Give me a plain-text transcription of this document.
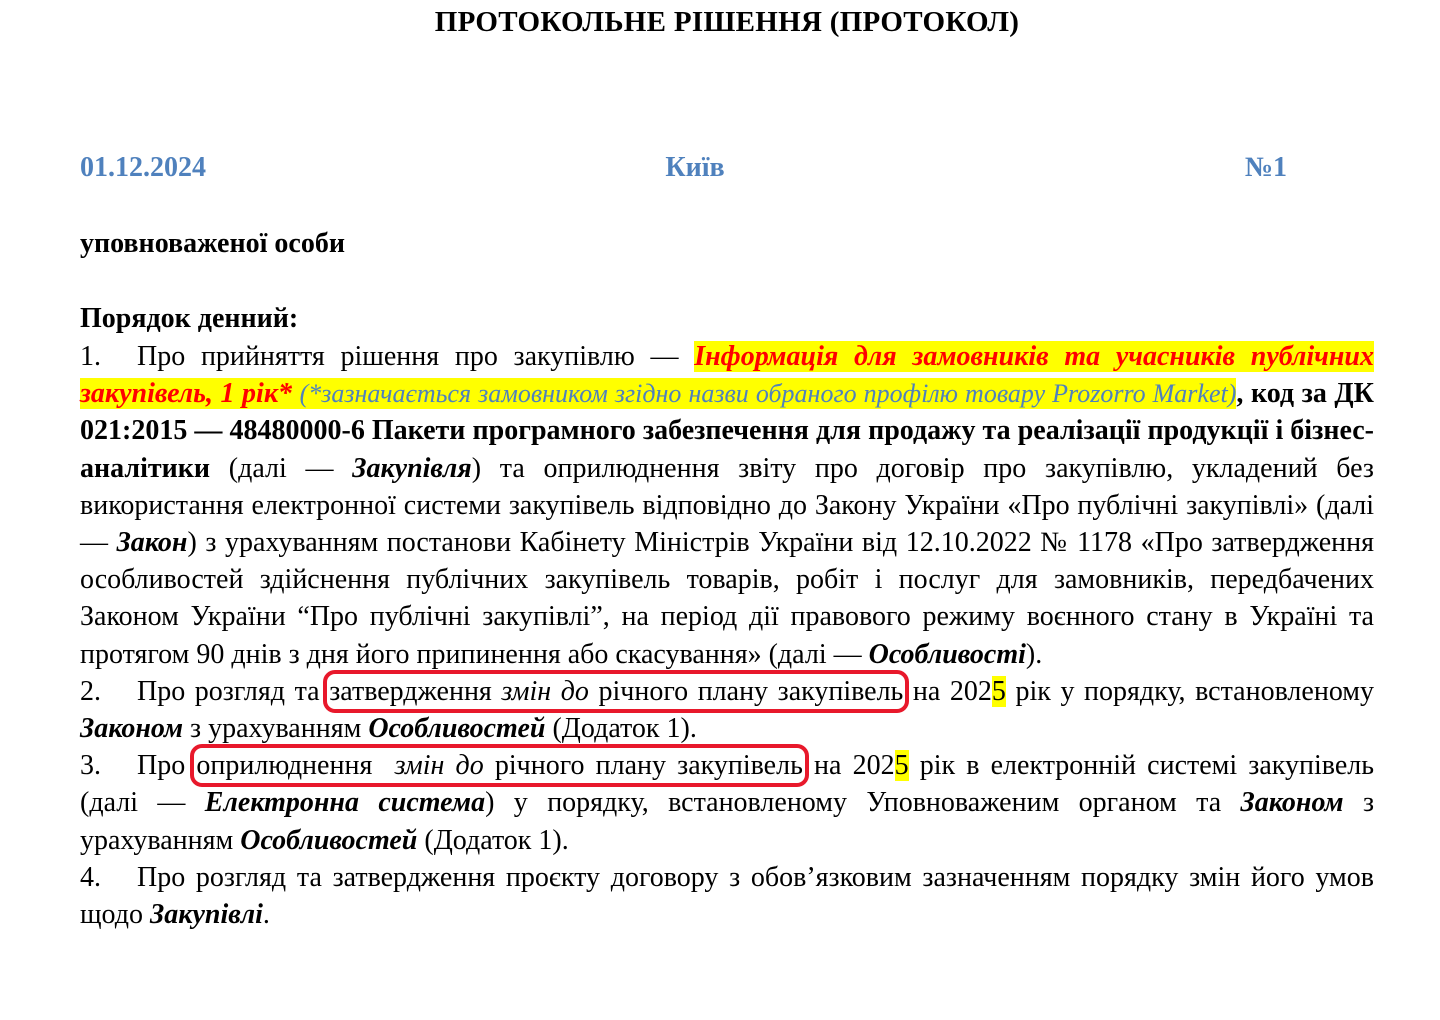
ПРОТОКОЛЬНЕ РІШЕННЯ (ПРОТОКОЛ)
01.12.2024	Київ	№1
уповноваженої особи
Порядок денний:

1. Про прийняття рішення про закупівлю — Інформація для замовників та учасників публічних закупівель, 1 рік* (*зазначається замовником згідно назви обраного профілю товару Prozorro Market), код за ДК 021:2015 — 48480000-6 Пакети програмного забезпечення для продажу та реалізації продукції і бізнес-аналітики (далі — Закупівля) та оприлюднення звіту про договір про закупівлю, укладений без використання електронної системи закупівель відповідно до Закону України «Про публічні закупівлі» (далі — Закон) з урахуванням постанови Кабінету Міністрів України від 12.10.2022 № 1178 «Про затвердження особливостей здійснення публічних закупівель товарів, робіт і послуг для замовників, передбачених Законом України “Про публічні закупівлі”, на період дії правового режиму воєнного стану в Україні та протягом 90 днів з дня його припинення або скасування» (далі — Особливості).

2. Про розгляд та затвердження змін до річного плану закупівель на 2025 рік у порядку, встановленому Законом з урахуванням Особливостей (Додаток 1).

3. Про оприлюднення  змін до річного плану закупівель на 2025 рік в електронній системі закупівель (далі — Електронна система) у порядку, встановленому Уповноваженим органом та Законом з урахуванням Особливостей (Додаток 1).

4. Про розгляд та затвердження проєкту договору з обов’язковим зазначенням порядку змін його умов щодо Закупівлі.
